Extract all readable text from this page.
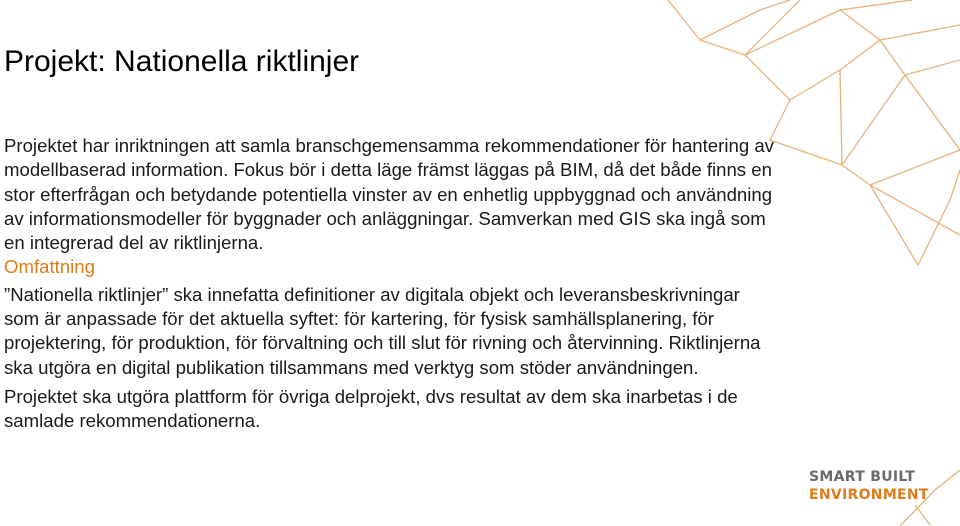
Projekt: Nationella riktlinjer

Projektet har inriktningen att samla branschgemensamma rekommendationer för hantering av modellbaserad information. Fokus bör i detta läge främst läggas på BIM, då det både finns en stor efterfrågan och betydande potentiella vinster av en enhetlig uppbyggnad och användning av informationsmodeller för byggnader och anläggningar. Samverkan med GIS ska ingå som en integrerad del av riktlinjerna.

Omfattning

”Nationella riktlinjer” ska innefatta definitioner av digitala objekt och leveransbeskrivningar som är anpassade för det aktuella syftet: för kartering, för fysisk samhällsplanering, för projektering, för produktion, för förvaltning och till slut för rivning och återvinning. Riktlinjerna ska utgöra en digital publikation tillsammans med verktyg som stöder användningen.

Projektet ska utgöra plattform för övriga delprojekt, dvs resultat av dem ska inarbetas i de samlade rekommendationerna.

SMART BUILT
ENVIRONMENT
